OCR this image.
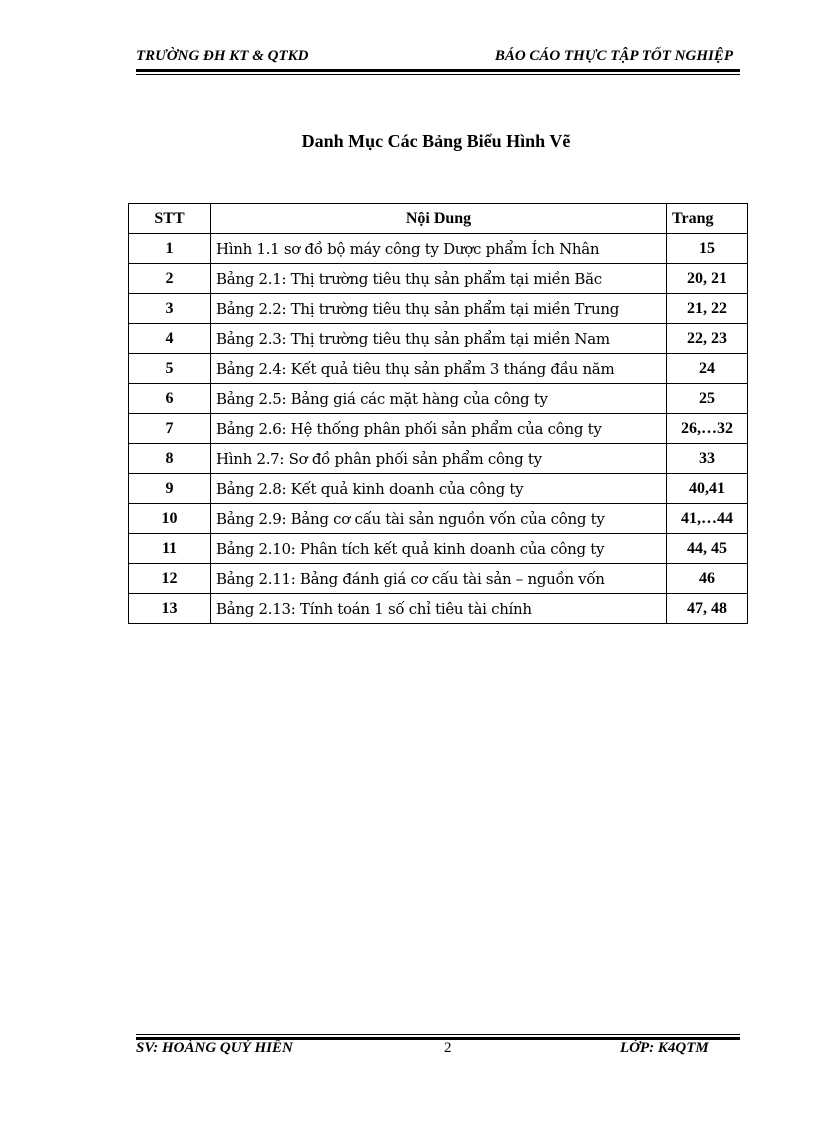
TRƯỜNG ĐH KT & QTKD	BÁO CÁO THỰC TẬP TỐT NGHIỆP
Danh Mục Các Bảng Biểu Hình Vẽ
STT	Nội Dung	Trang
1	Hình 1.1 sơ đồ bộ máy công ty Dược phẩm Ích Nhân	15
2	Bảng 2.1: Thị trường tiêu thụ sản phẩm tại miền Băc	20, 21
3	Bảng 2.2: Thị trường tiêu thụ sản phẩm tại miền Trung	21, 22
4	Bảng 2.3: Thị trường tiêu thụ sản phẩm tại miền Nam	22, 23
5	Bảng 2.4: Kết quả tiêu thụ sản phẩm 3 tháng đầu năm	24
6	Bảng 2.5: Bảng giá các mặt hàng của công ty	25
7	Bảng 2.6: Hệ thống phân phối sản phẩm của công ty	26,…32
8	Hình 2.7: Sơ đồ phân phối sản phẩm công ty	33
9	Bảng 2.8: Kết quả kinh doanh của công ty	40,41
10	Bảng 2.9: Bảng cơ cấu tài sản nguồn vốn của công ty	41,…44
11	Bảng 2.10: Phân tích kết quả kinh doanh của công ty	44, 45
12	Bảng 2.11: Bảng đánh giá cơ cấu tài sản – nguồn vốn	46
13	Bảng 2.13: Tính toán 1 số chỉ tiêu tài chính	47, 48
SV: HOÀNG QUÝ HIỀN	2	LỚP: K4QTM
